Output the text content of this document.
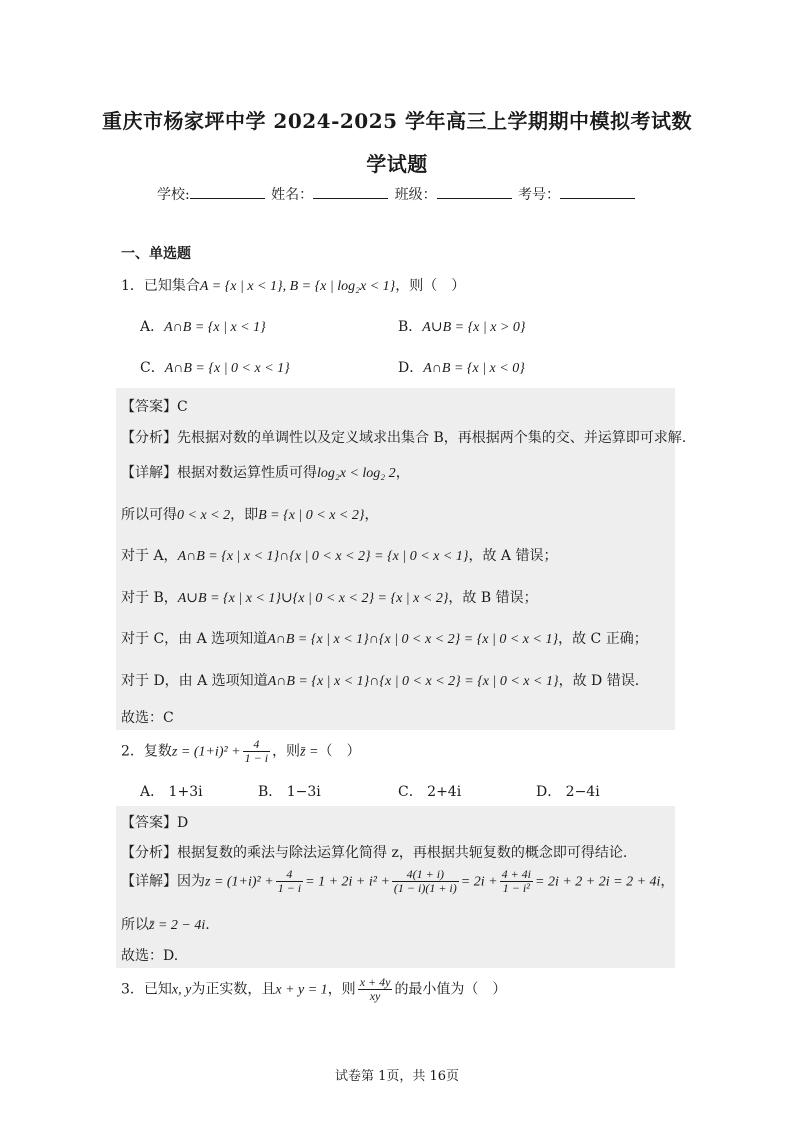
重庆市杨家坪中学 2024-2025 学年高三上学期期中模拟考试数
学试题
学校:	姓名：	班级：	考号：
一、单选题
1．已知集合A = {x | x < 1}, B = {x | log₂x < 1}，则（　）
A．A∩B = {x | x < 1}	B．A∪B = {x | x > 0}
C．A∩B = {x | 0 < x < 1}	D．A∩B = {x | x < 0}
【答案】C
【分析】先根据对数的单调性以及定义域求出集合 B，再根据两个集的交、并运算即可求解.
【详解】根据对数运算性质可得log₂x < log₂ 2，
所以可得0 < x < 2，即B = {x | 0 < x < 2}，
对于 A，A∩B = {x | x < 1}∩{x | 0 < x < 2} = {x | 0 < x < 1}，故 A 错误；
对于 B，A∪B = {x | x < 1}∪{x | 0 < x < 2} = {x | x < 2}，故 B 错误；
对于 C，由 A 选项知道A∩B = {x | x < 1}∩{x | 0 < x < 2} = {x | 0 < x < 1}，故 C 正确；
对于 D，由 A 选项知道A∩B = {x | x < 1}∩{x | 0 < x < 2} = {x | 0 < x < 1}，故 D 错误.
故选：C
2．复数$z = (1+i)^2 + \frac{4}{1 - i}$ ，则z̄ =（　）
A． 1+3i	B． 1−3i	C． 2+4i	D． 2−4i
【答案】D
【分析】根据复数的乘法与除法运算化简得 z，再根据共轭复数的概念即可得结论.
【详解】因为$z = (1+i)^2 + \frac{4}{1 - i} = 1 + 2i + i^2 + \frac{4(1 + i)}{(1 - i)(1 + i)} = 2i + \frac{4 + 4i}{\text{1 − i²}} = 2i + 2 + 2i = 2 + 4i$，
所以z̄ = 2 − 4i.
故选：D.
3．已知x, y为正实数，且x + y = 1，则 $\frac{x + 4y}{xy}$ 的最小值为（　）
试卷第 1页，共 16页
